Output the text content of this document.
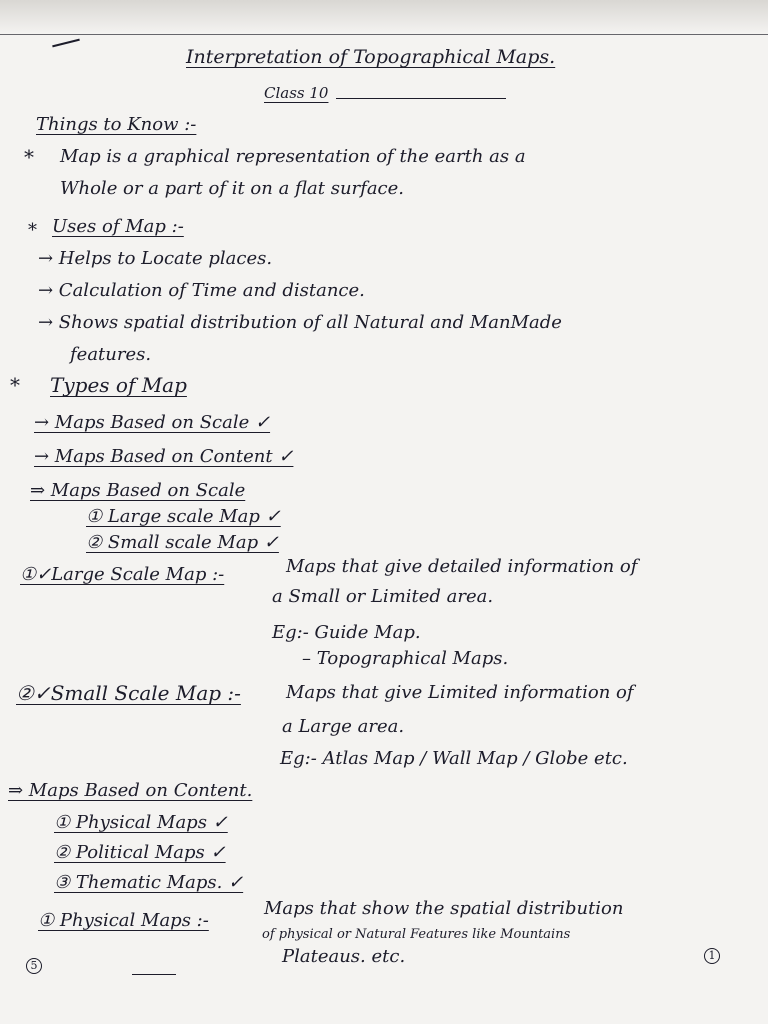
Interpretation of Topographical Maps.
Class 10
Things to Know :-
* Map is a graphical representation of the earth as a
Whole or a part of it on a flat surface.
* Uses of Map :-
→ Helps to Locate places.
→ Calculation of Time and distance.
→ Shows spatial distribution of all Natural and ManMade
features.
* Types of Map
→ Maps Based on Scale ✓
→ Maps Based on Content ✓
⇒ Maps Based on Scale
① Large scale Map ✓
② Small scale Map ✓
①✓Large Scale Map :-	Maps that give detailed information of
a Small or Limited area.
Eg:- Guide Map.
– Topographical Maps.
②✓Small Scale Map :-	Maps that give Limited information of
a Large area.
Eg:- Atlas Map / Wall Map / Globe etc.
⇒ Maps Based on Content.
① Physical Maps ✓
② Political Maps ✓
③ Thematic Maps. ✓
① Physical Maps :-
Maps that show the spatial distribution
of physical or Natural Features like Mountains
Plateaus. etc.
5
1
